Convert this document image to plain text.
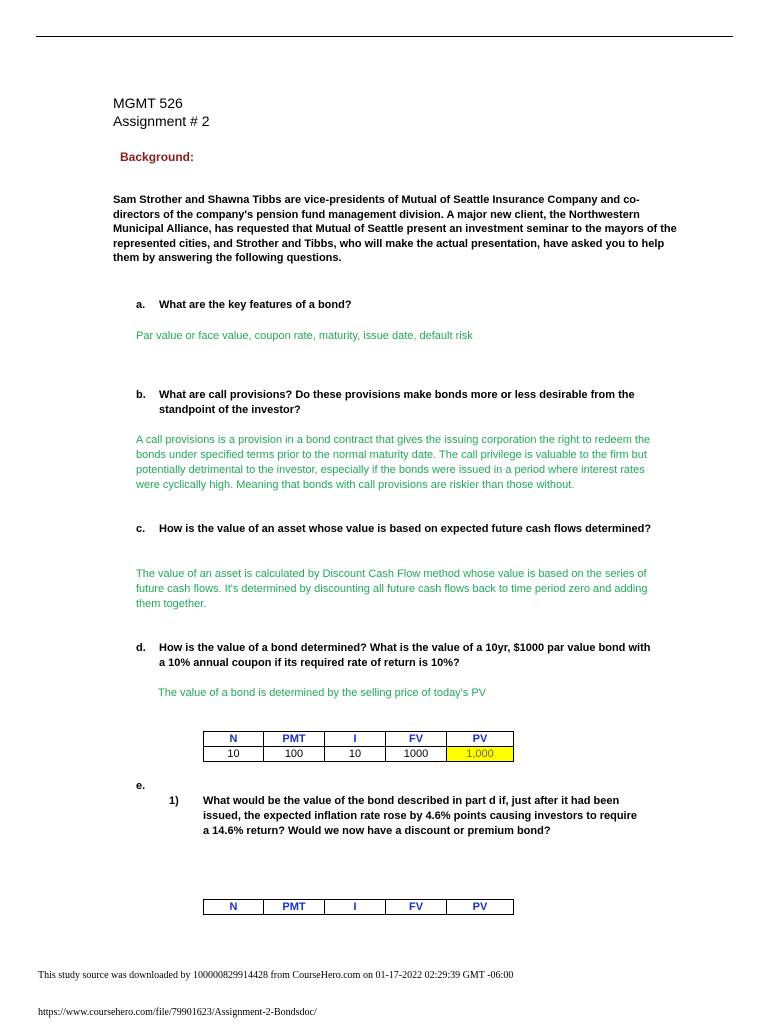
MGMT 526
Assignment # 2
Background:
Sam Strother and Shawna Tibbs are vice-presidents of Mutual of Seattle Insurance Company and co-directors of the company's pension fund management division. A major new client, the Northwestern Municipal Alliance, has requested that Mutual of Seattle present an investment seminar to the mayors of the represented cities, and Strother and Tibbs, who will make the actual presentation, have asked you to help them by answering the following questions.
a. What are the key features of a bond?
Par value or face value, coupon rate, maturity, issue date, default risk
b. What are call provisions? Do these provisions make bonds more or less desirable from the standpoint of the investor?
A call provisions is a provision in a bond contract that gives the issuing corporation the right to redeem the bonds under specified terms prior to the normal maturity date. The call privilege is valuable to the firm but potentially detrimental to the investor, especially if the bonds were issued in a period where interest rates were cyclically high. Meaning that bonds with call provisions are riskier than those without.
c. How is the value of an asset whose value is based on expected future cash flows determined?
The value of an asset is calculated by Discount Cash Flow method whose value is based on the series of future cash flows. It's determined by discounting all future cash flows back to time period zero and adding them together.
d. How is the value of a bond determined? What is the value of a 10yr, $1000 par value bond with a 10% annual coupon if its required rate of return is 10%?
The value of a bond is determined by the selling price of today's PV
N	PMT	I	FV	PV
10	100	10	1000	1,000
e.
1) What would be the value of the bond described in part d if, just after it had been issued, the expected inflation rate rose by 4.6% points causing investors to require a 14.6% return? Would we now have a discount or premium bond?
N	PMT	I	FV	PV
This study source was downloaded by 100000829914428 from CourseHero.com on 01-17-2022 02:29:39 GMT -06:00
https://www.coursehero.com/file/79901623/Assignment-2-Bondsdoc/
